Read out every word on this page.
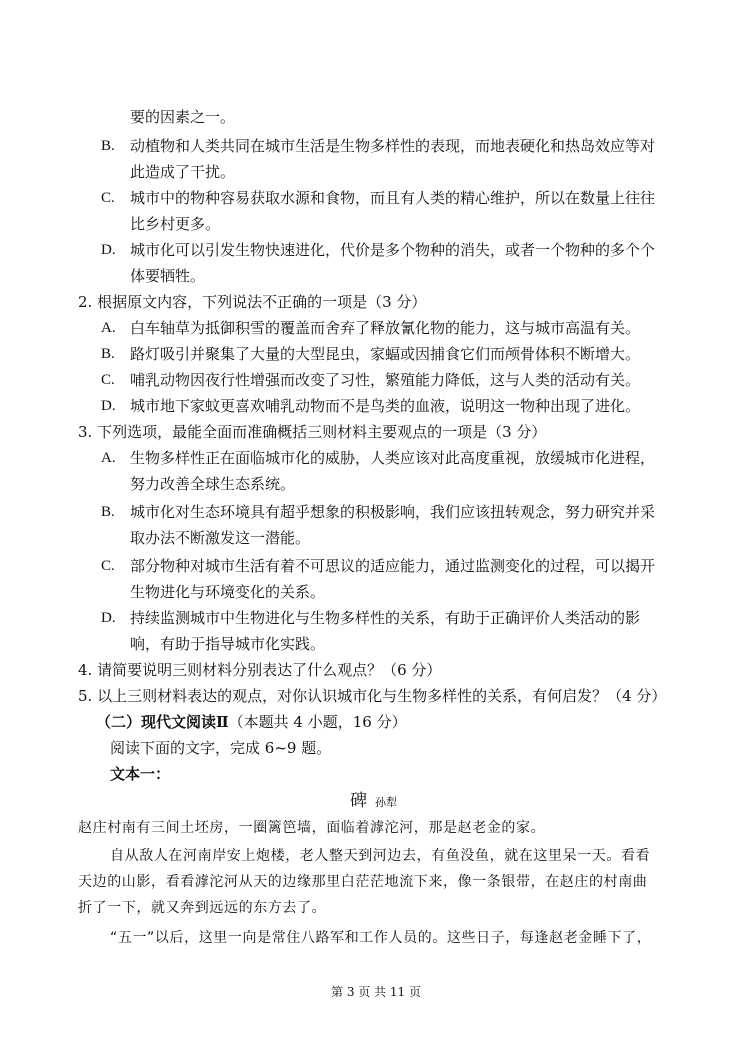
要的因素之一。
B. 动植物和人类共同在城市生活是生物多样性的表现，而地表硬化和热岛效应等对
此造成了干扰。
C. 城市中的物种容易获取水源和食物，而且有人类的精心维护，所以在数量上往往
比乡村更多。
D. 城市化可以引发生物快速进化，代价是多个物种的消失，或者一个物种的多个个
体要牺牲。
2. 根据原文内容，下列说法不正确的一项是（3 分）
A. 白车轴草为抵御积雪的覆盖而舍弃了释放氰化物的能力，这与城市高温有关。
B. 路灯吸引并聚集了大量的大型昆虫，家蝠或因捕食它们而颅骨体积不断增大。
C. 哺乳动物因夜行性增强而改变了习性，繁殖能力降低，这与人类的活动有关。
D. 城市地下家蚊更喜欢哺乳动物而不是鸟类的血液，说明这一物种出现了进化。
3. 下列选项，最能全面而准确概括三则材料主要观点的一项是（3 分）
A. 生物多样性正在面临城市化的威胁，人类应该对此高度重视，放缓城市化进程，
努力改善全球生态系统。
B. 城市化对生态环境具有超乎想象的积极影响，我们应该扭转观念，努力研究并采
取办法不断激发这一潜能。
C. 部分物种对城市生活有着不可思议的适应能力，通过监测变化的过程，可以揭开
生物进化与环境变化的关系。
D. 持续监测城市中生物进化与生物多样性的关系，有助于正确评价人类活动的影
响，有助于指导城市化实践。
4. 请简要说明三则材料分别表达了什么观点？（6 分）
5. 以上三则材料表达的观点，对你认识城市化与生物多样性的关系，有何启发？（4 分）
（二）现代文阅读Ⅱ（本题共 4 小题，16 分）
阅读下面的文字，完成 6~9 题。
文本一：
碑孙犁
赵庄村南有三间土坯房，一圈篱笆墙，面临着滹沱河，那是赵老金的家。
自从敌人在河南岸安上炮楼，老人整天到河边去，有鱼没鱼，就在这里呆一天。看看
天边的山影，看看滹沱河从天的边缘那里白茫茫地流下来，像一条银带，在赵庄的村南曲
折了一下，就又奔到远远的东方去了。
“五一”以后，这里一向是常住八路军和工作人员的。这些日子，每逢赵老金睡下了，
第 3 页 共 11 页
